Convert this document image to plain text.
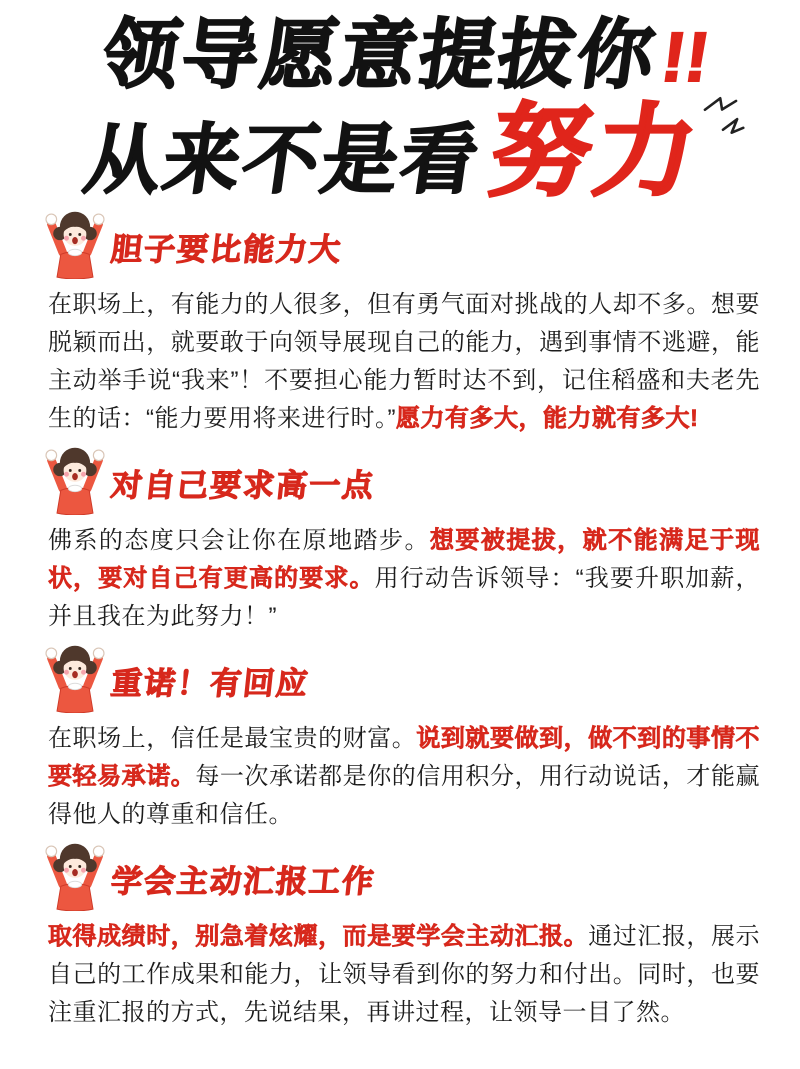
领导愿意提拔你!!
从来不是看
努力
胆子要比能力大

在职场上，有能力的人很多，但有勇气面对挑战的人却不多。想要脱颖而出，就要敢于向领导展现自己的能力，遇到事情不逃避，能主动举手说“我来”！不要担心能力暂时达不到，记住稻盛和夫老先生的话：“能力要用将来进行时。”愿力有多大，能力就有多大!

对自己要求高一点

佛系的态度只会让你在原地踏步。想要被提拔，就不能满足于现状，要对自己有更高的要求。用行动告诉领导：“我要升职加薪，并且我在为此努力！”

重诺！有回应

在职场上，信任是最宝贵的财富。说到就要做到，做不到的事情不要轻易承诺。每一次承诺都是你的信用积分，用行动说话，才能赢得他人的尊重和信任。

学会主动汇报工作

取得成绩时，别急着炫耀，而是要学会主动汇报。通过汇报，展示自己的工作成果和能力，让领导看到你的努力和付出。同时，也要注重汇报的方式，先说结果，再讲过程，让领导一目了然。
